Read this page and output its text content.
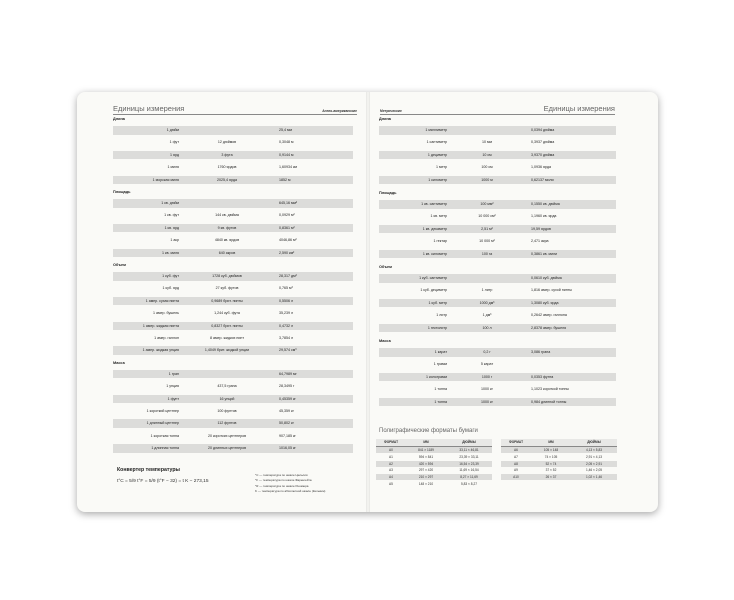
Единицы измерения	Англо-американские
Длина
1 дюйм	25,4 мм
1 фут	12 дюймов	0,3048 м
1 ярд	3 фута	0,9144 м
1 миля	1760 ярдов	1,60934 км
1 морская миля	2025,4 ярда	1852 м
Площадь
1 кв. дюйм	645,16 мм²
1 кв. фут	144 кв. дюйма	0,0929 м²
1 кв. ярд	9 кв. футов	0,8361 м²
1 акр	4840 кв. ярдов	4046,86 м²
1 кв. миля	640 акров	2,590 км²
Объем
1 куб. фут	1728 куб. дюймов	28,317 дм³
1 куб. ярд	27 куб. футов	0,765 м³
1 амер. сухая пинта	0,9689 брит. пинты	0,5506 л
1 амер. бушель	1,244 куб. фута	35,239 л
1 амер. жидкая пинта	0,8327 брит. пинты	0,4732 л
1 амер. галлон	8 амер. жидких пинт	3,7854 л
1 амер. жидкая унция	1,4049 брит. жидкой унции	29,574 см³
Масса
1 гран	64,7989 мг
1 унция	437,5 грана	28,3495 г
1 фунт	16 унций	0,45359 кг
1 короткий центнер	100 фунтов	45,359 кг
1 длинный центнер	112 фунтов	50,802 кг
1 короткая тонна	20 коротких центнеров	907,185 кг
1 длинная тонна	20 длинных центнеров	1016,05 кг
Конвертер температуры
t°C = 5/9 t°F = 5/9 (t°F − 32) = t K − 273,15
°C — температура по шкале Цельсия
°F — температура по шкале Фаренгейта
°R — температура по шкале Реомюра
K — температура по абсолютной шкале (Кельвин)
Метрические	Единицы измерения
Длина
1 миллиметр	0,0394 дюйма
1 сантиметр	10 мм	0,3937 дюйма
1 дециметр	10 см	3,9370 дюйма
1 метр	100 см	1,0936 ярда
1 километр	1000 м	0,62137 мили
Площадь
1 кв. сантиметр	100 мм²	0,1550 кв. дюйма
1 кв. метр	10 000 см²	1,1960 кв. ярда
1 кв. декаметр	2,51 м²	19,59 ярдов
1 гектар	10 000 м²	2,471 акра
1 кв. километр	100 га	0,3861 кв. мили
Объем
1 куб. сантиметр	0,0610 куб. дюйма
1 куб. дециметр	1 литр	1,816 амер. сухой пинты
1 куб. метр	1000 дм³	1,3080 куб. ярда
1 литр	1 дм³	0,2642 амер. галлона
1 гектолитр	100 л	2,8378 амер. бушеля
Масса
1 карат	0,2 г	3,086 грана
1 грамм	5 карат
1 килограмм	1000 г	0,0353 фунта
1 тонна	1000 кг	1,1023 короткой тонны
1 тонна	1000 кг	0,984 длинной тонны
Полиграфические форматы бумаги
ФОРМАТ	ММ	ДЮЙМЫ
A0	841 × 1189	33,11 × 46,81
A1	594 × 841	23,39 × 33,11
A2	420 × 594	16,54 × 23,39
A3	297 × 420	11,69 × 16,54
A4	210 × 297	8,27 × 11,69
A5	148 × 210	5,83 × 8,27
ФОРМАТ	ММ	ДЮЙМЫ
A6	105 × 148	4,13 × 5,83
A7	74 × 105	2,91 × 4,13
A8	52 × 74	2,05 × 2,91
A9	37 × 52	1,46 × 2,05
A10	26 × 37	1,02 × 1,46
